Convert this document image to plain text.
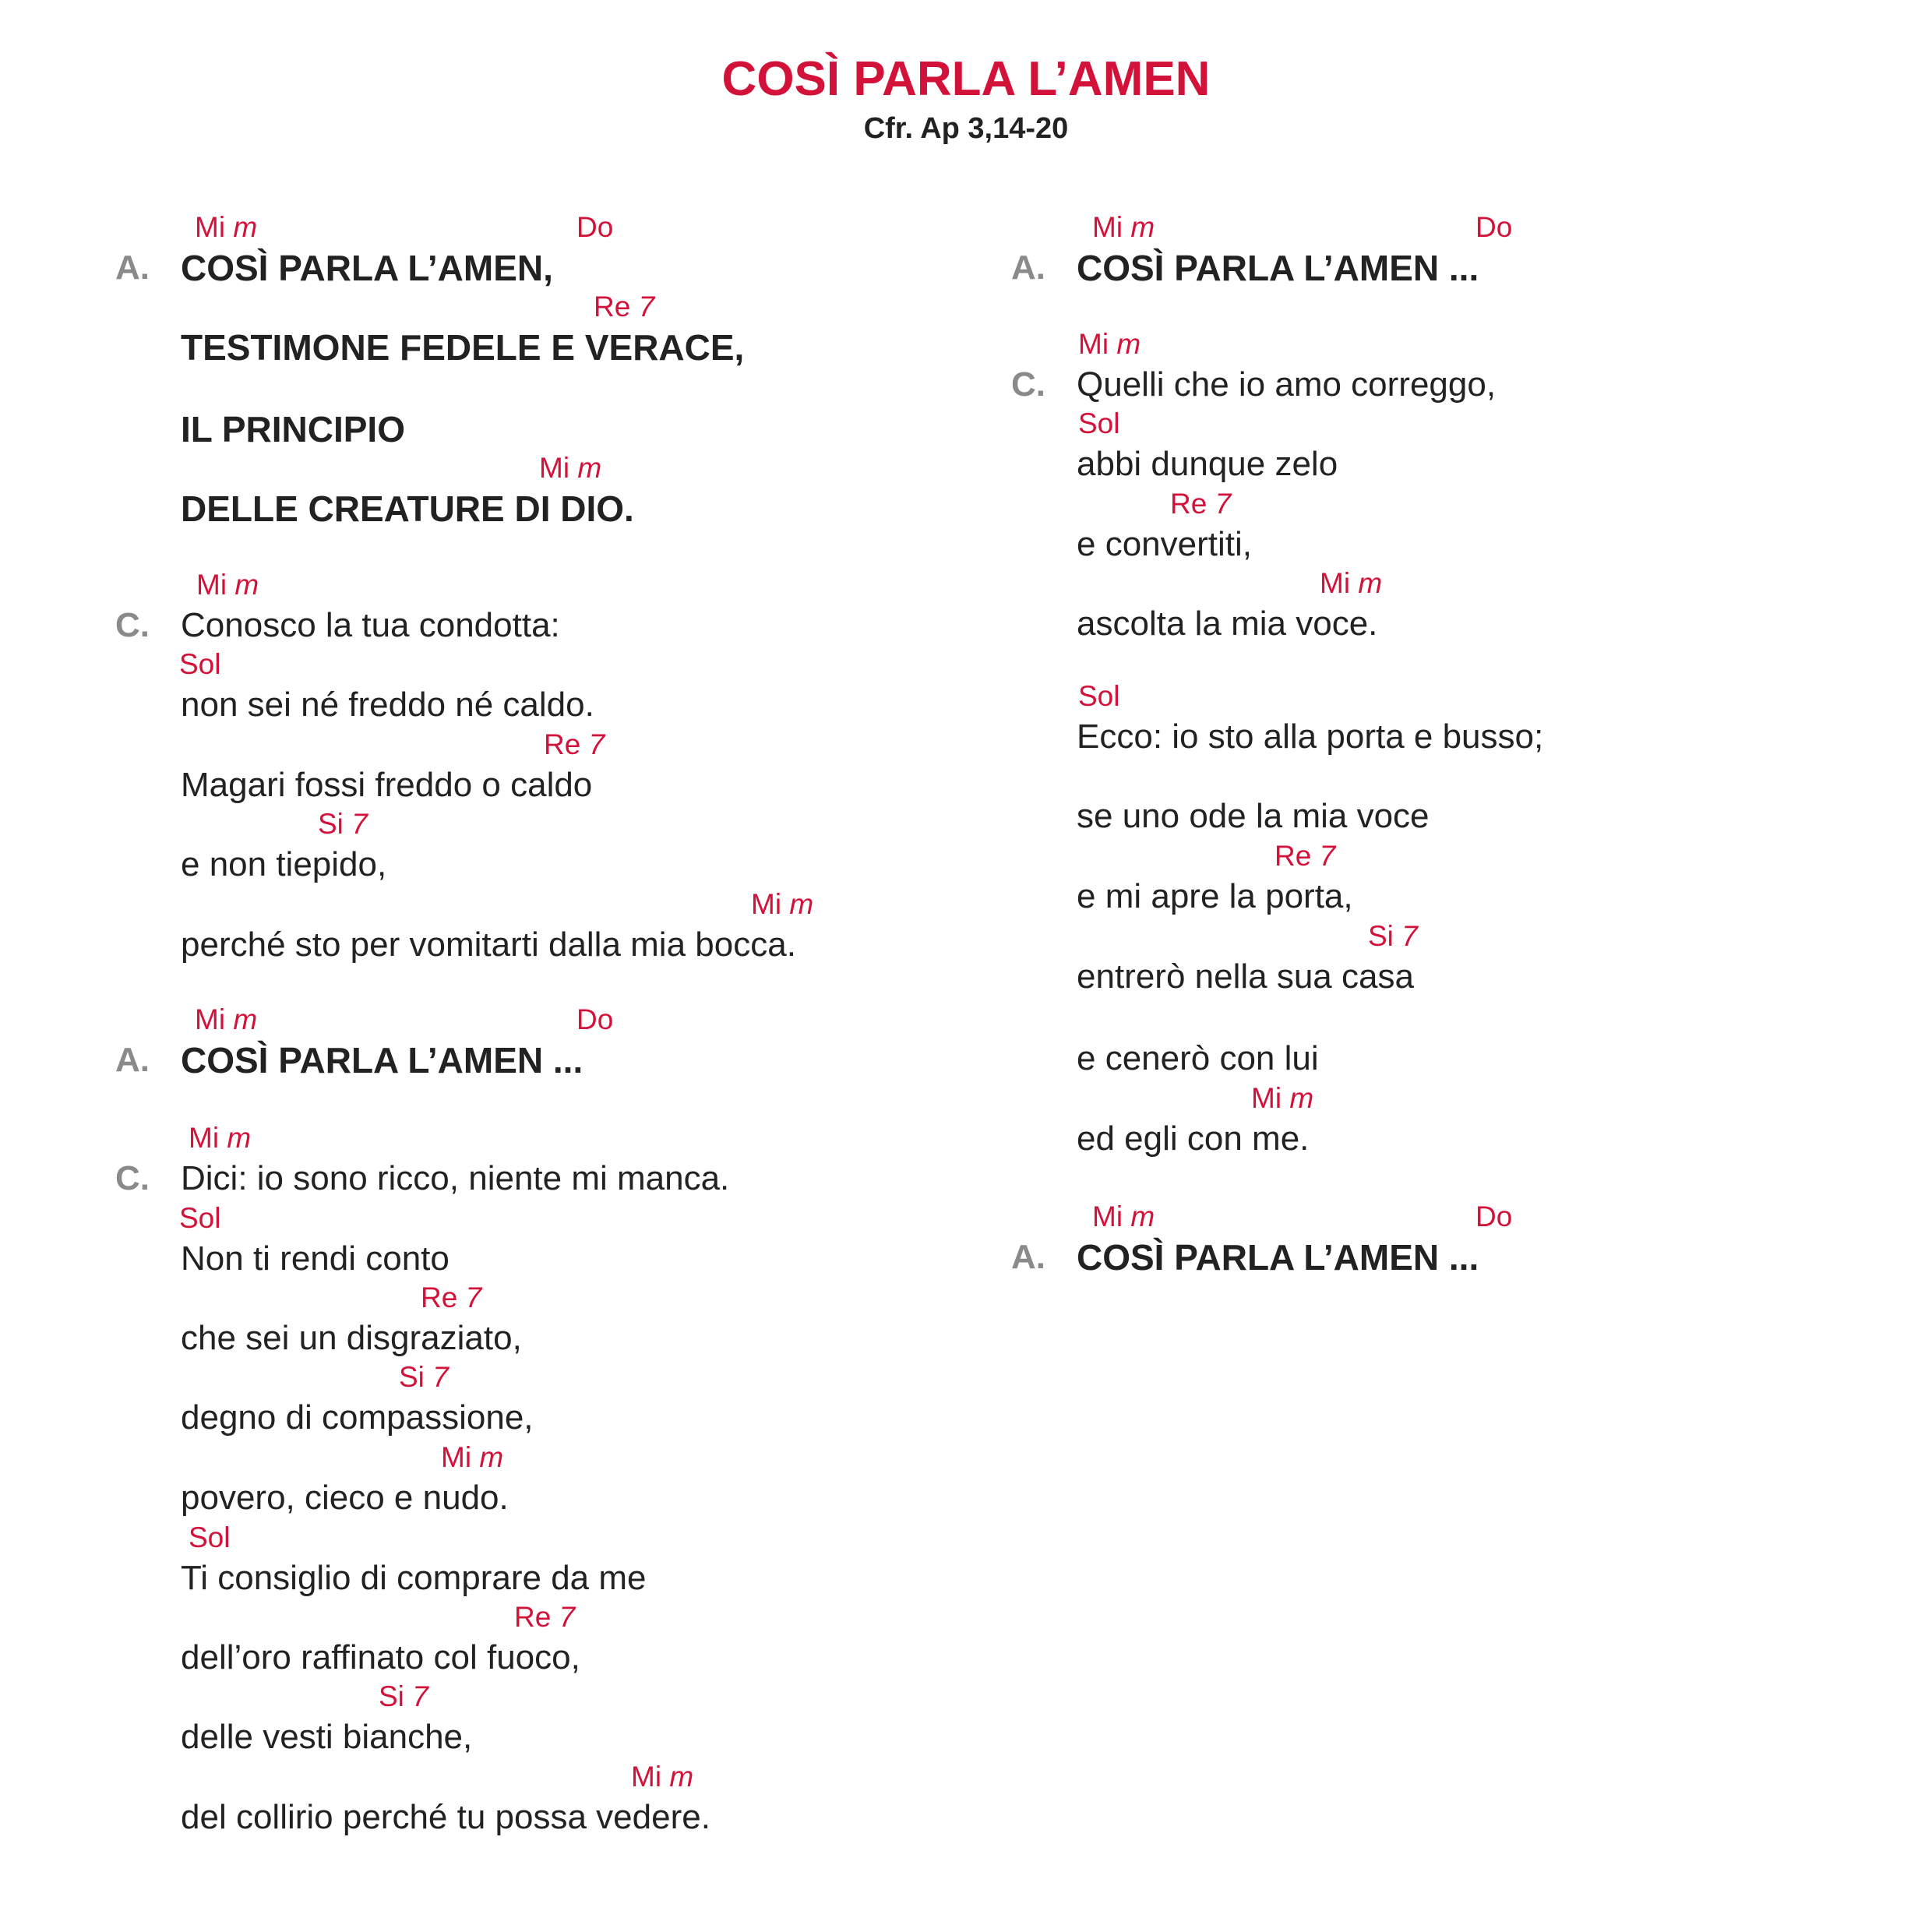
COSÌ PARLA L’AMEN
Cfr. Ap 3,14-20
A. COSÌ PARLA L’AMEN,
Mi m	Do
TESTIMONE FEDELE E VERACE,
Re 7
IL PRINCIPIO
DELLE CREATURE DI DIO.
Mi m
C. Conosco la tua condotta:
Mi m
non sei né freddo né caldo.
Sol
Magari fossi freddo o caldo
Re 7
e non tiepido,
Si 7
perché sto per vomitarti dalla mia bocca.
Mi m
A. COSÌ PARLA L’AMEN ...
Mi m	Do
C. Dici: io sono ricco, niente mi manca.
Mi m
Non ti rendi conto
Sol
che sei un disgraziato,
Re 7
degno di compassione,
Si 7
povero, cieco e nudo.
Mi m
Ti consiglio di comprare da me
Sol
dell’oro raffinato col fuoco,
Re 7
delle vesti bianche,
Si 7
del collirio perché tu possa vedere.
Mi m
A. COSÌ PARLA L’AMEN ...
Mi m	Do
C. Quelli che io amo correggo,
Mi m
abbi dunque zelo
Sol
e convertiti,
Re 7
ascolta la mia voce.
Mi m
Ecco: io sto alla porta e busso;
Sol
se uno ode la mia voce
e mi apre la porta,
Re 7
entrerò nella sua casa
Si 7
e cenerò con lui
ed egli con me.
Mi m
A. COSÌ PARLA L’AMEN ...
Mi m	Do
